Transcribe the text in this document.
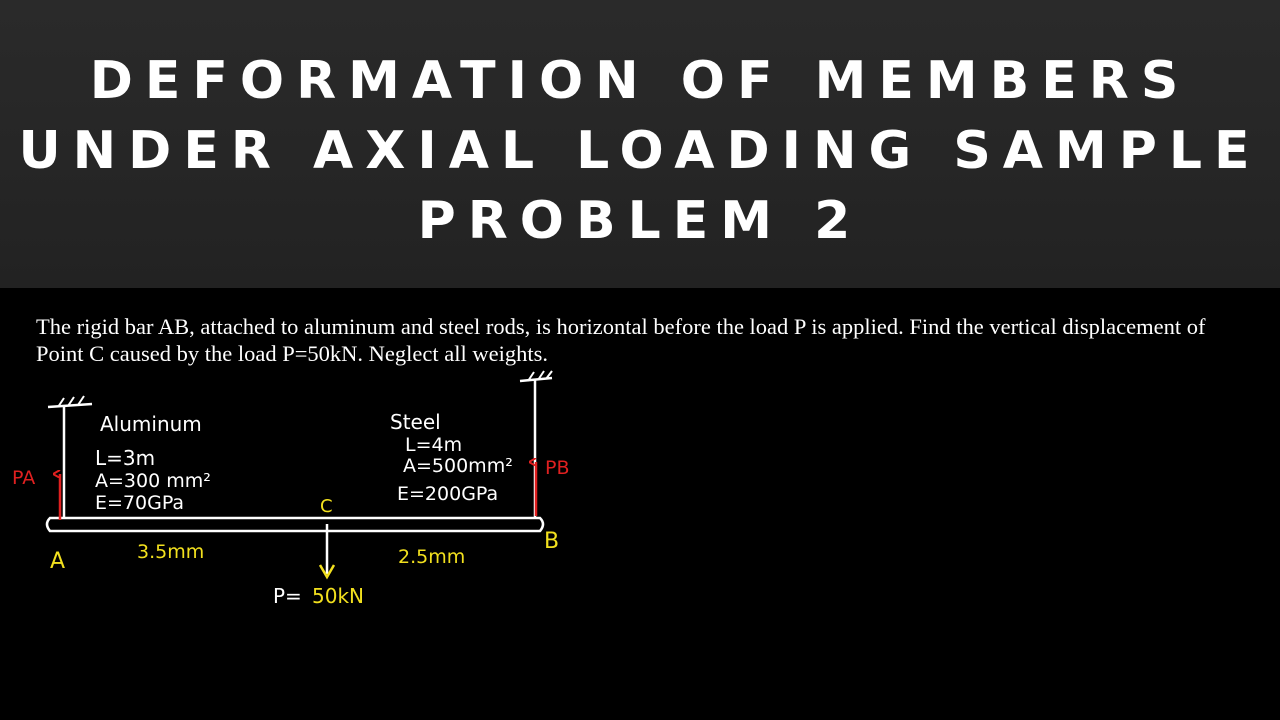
DEFORMATION OF MEMBERS
UNDER AXIAL LOADING SAMPLE
PROBLEM 2

The rigid bar AB, attached to aluminum and steel rods, is horizontal before the load P is applied. Find the vertical displacement of Point C caused by the load P=50kN. Neglect all weights.

Aluminum
L=3m
A=300 mm²
E=70GPa
Steel
L=4m
A=500mm²
E=200GPa
PA	PB
A
B
C
3.5mm	2.5mm
P= 50kN
